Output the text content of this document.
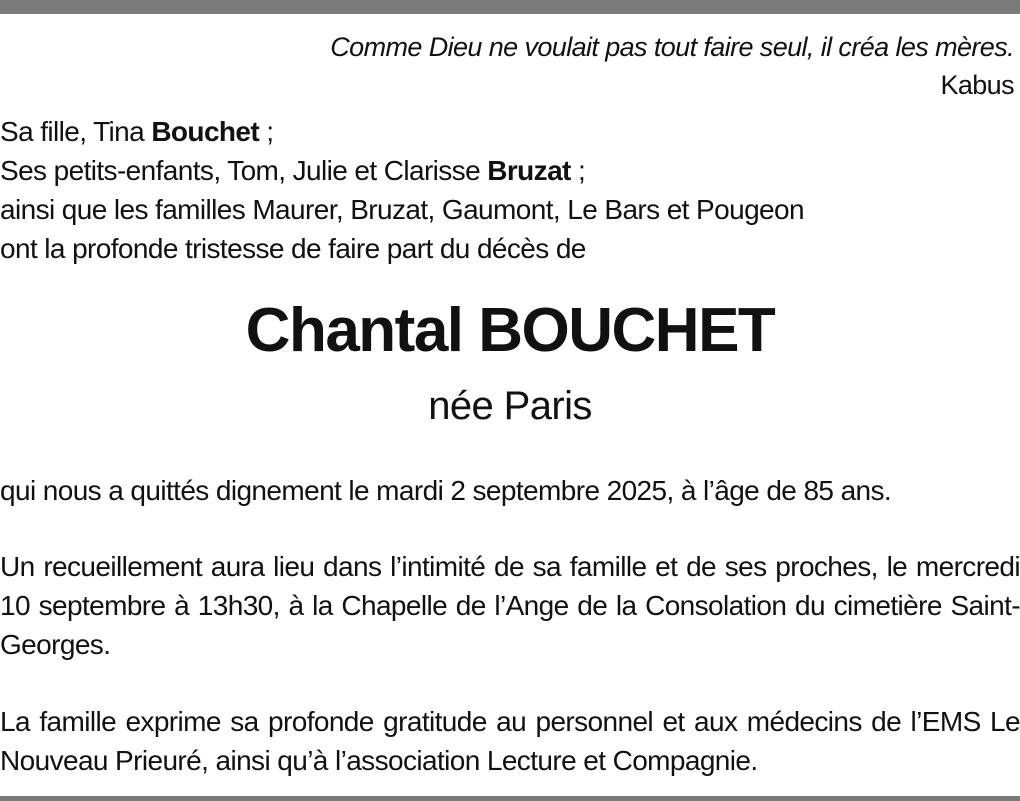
Comme Dieu ne voulait pas tout faire seul, il créa les mères.
Kabus
Sa fille, Tina Bouchet ;
Ses petits-enfants, Tom, Julie et Clarisse Bruzat ;
ainsi que les familles Maurer, Bruzat, Gaumont, Le Bars et Pougeon
ont la profonde tristesse de faire part du décès de
Chantal BOUCHET
née Paris
qui nous a quittés dignement le mardi 2 septembre 2025, à l’âge de 85 ans.
Un recueillement aura lieu dans l’intimité de sa famille et de ses proches, le mercredi 10 septembre à 13h30, à la Chapelle de l’Ange de la Consolation du cimetière Saint-Georges.
La famille exprime sa profonde gratitude au personnel et aux médecins de l’EMS Le Nouveau Prieuré, ainsi qu’à l’association Lecture et Compagnie.
